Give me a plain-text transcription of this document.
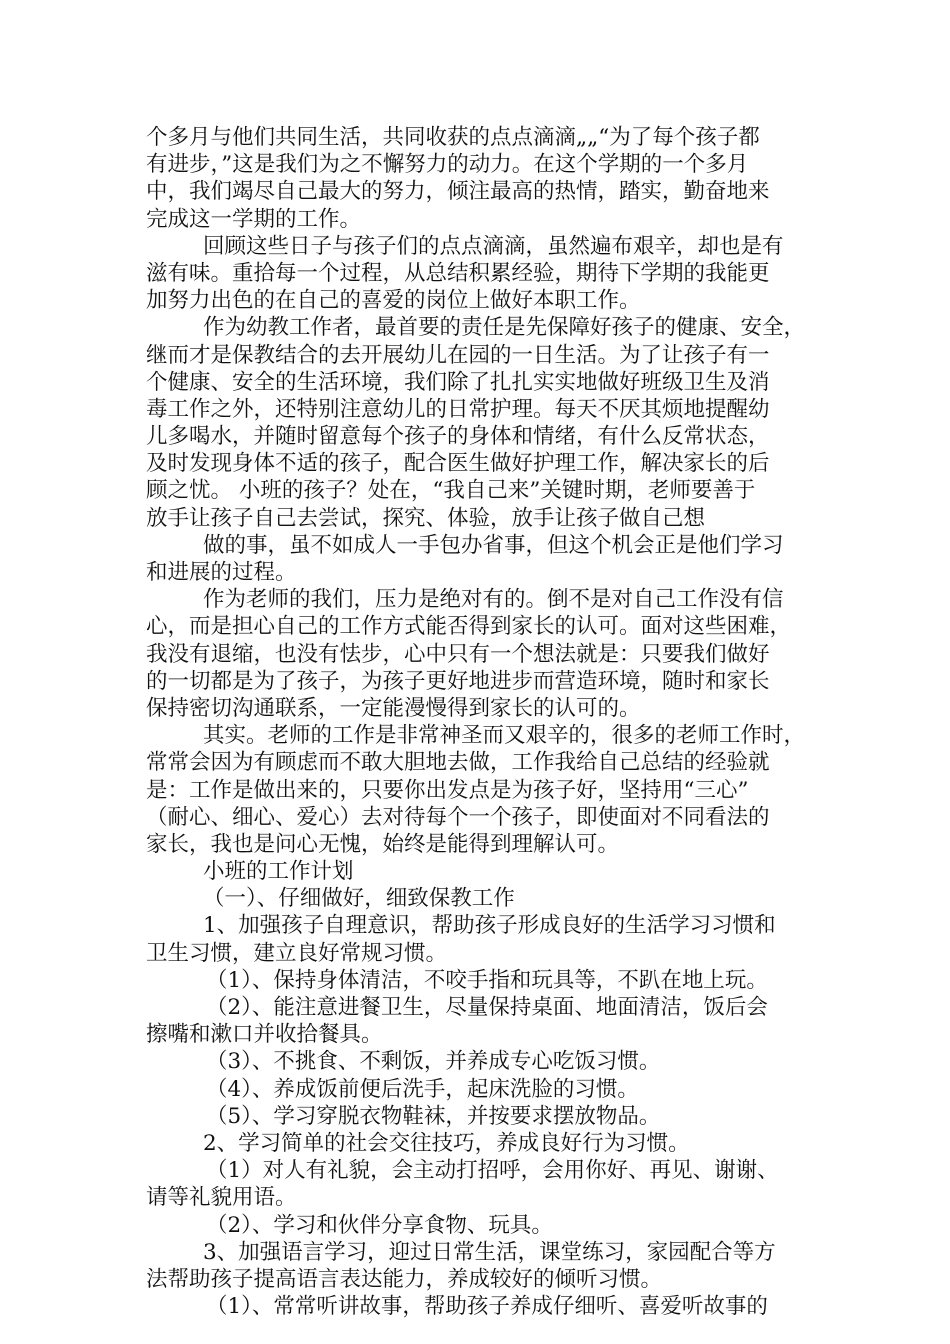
个多月与他们共同生活，共同收获的点点滴滴„„“为了每个孩子都
有进步，”这是我们为之不懈努力的动力。在这个学期的一个多月
中，我们竭尽自己最大的努力，倾注最高的热情，踏实，勤奋地来
完成这一学期的工作。
回顾这些日子与孩子们的点点滴滴，虽然遍布艰辛，却也是有
滋有味。重拾每一个过程，从总结积累经验，期待下学期的我能更
加努力出色的在自己的喜爱的岗位上做好本职工作。
作为幼教工作者，最首要的责任是先保障好孩子的健康、安全，
继而才是保教结合的去开展幼儿在园的一日生活。为了让孩子有一
个健康、安全的生活环境，我们除了扎扎实实地做好班级卫生及消
毒工作之外，还特别注意幼儿的日常护理。每天不厌其烦地提醒幼
儿多喝水，并随时留意每个孩子的身体和情绪，有什么反常状态，
及时发现身体不适的孩子，配合医生做好护理工作，解决家长的后
顾之忧。 小班的孩子？处在，“我自己来”关键时期，老师要善于
放手让孩子自己去尝试，探究、体验，放手让孩子做自己想
做的事，虽不如成人一手包办省事，但这个机会正是他们学习
和进展的过程。
作为老师的我们，压力是绝对有的。倒不是对自己工作没有信
心，而是担心自己的工作方式能否得到家长的认可。面对这些困难，
我没有退缩，也没有怯步，心中只有一个想法就是：只要我们做好
的一切都是为了孩子，为孩子更好地进步而营造环境，随时和家长
保持密切沟通联系，一定能漫慢得到家长的认可的。
其实。老师的工作是非常神圣而又艰辛的，很多的老师工作时，
常常会因为有顾虑而不敢大胆地去做，工作我给自己总结的经验就
是：工作是做出来的，只要你出发点是为孩子好，坚持用“三心”
（耐心、细心、爱心）去对待每个一个孩子，即使面对不同看法的
家长，我也是问心无愧，始终是能得到理解认可。
小班的工作计划
（一）、仔细做好，细致保教工作
1、加强孩子自理意识，帮助孩子形成良好的生活学习习惯和
卫生习惯，建立良好常规习惯。
（1）、保持身体清洁，不咬手指和玩具等，不趴在地上玩。
（2）、能注意进餐卫生，尽量保持桌面、地面清洁，饭后会
擦嘴和漱口并收拾餐具。
（3）、不挑食、不剩饭，并养成专心吃饭习惯。
（4）、养成饭前便后洗手，起床洗脸的习惯。
（5）、学习穿脱衣物鞋袜，并按要求摆放物品。
2、学习简单的社会交往技巧，养成良好行为习惯。
（1）对人有礼貌，会主动打招呼，会用你好、再见、谢谢、
请等礼貌用语。
（2）、学习和伙伴分享食物、玩具。
3、加强语言学习，迎过日常生活，课堂练习，家园配合等方
法帮助孩子提高语言表达能力，养成较好的倾听习惯。
（1）、常常听讲故事，帮助孩子养成仔细听、喜爱听故事的
